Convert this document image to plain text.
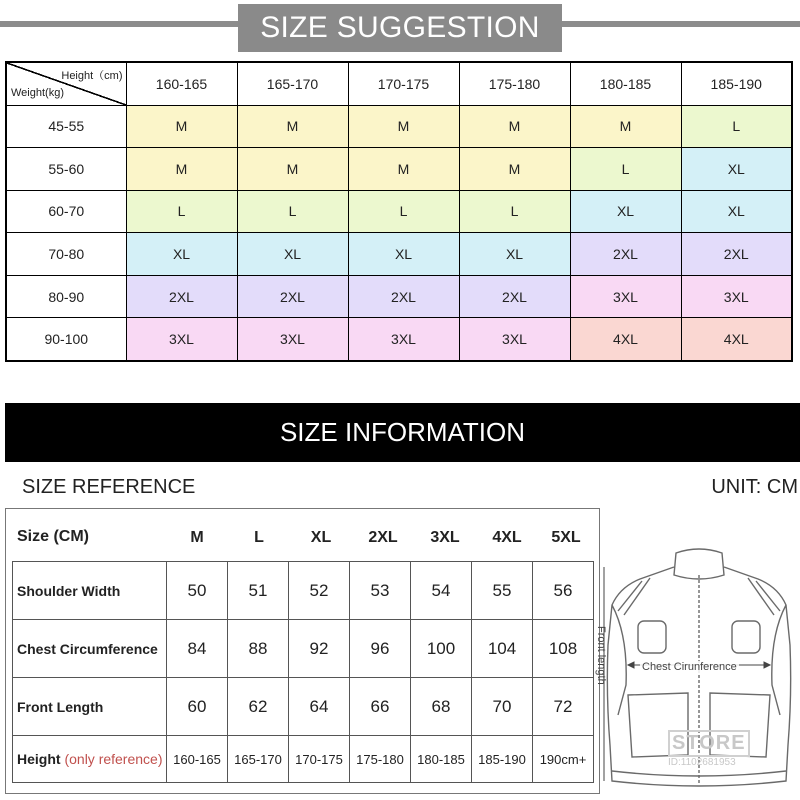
SIZE SUGGESTION
Height（cm)
Weight(kg)	160-165	165-170	170-175	175-180	180-185	185-190
45-55	M	M	M	M	M	L
55-60	M	M	M	M	L	XL
60-70	L	L	L	L	XL	XL
70-80	XL	XL	XL	XL	2XL	2XL
80-90	2XL	2XL	2XL	2XL	3XL	3XL
90-100	3XL	3XL	3XL	3XL	4XL	4XL
SIZE INFORMATION
SIZE REFERENCE	UNIT: CM
Size (CM)	M	L	XL	2XL	3XL	4XL	5XL
Shoulder Width	50	51	52	53	54	55	56
Chest Circumference	84	88	92	96	100	104	108
Front Length	60	62	64	66	68	70	72
Height (only reference)	160-165	165-170	170-175	175-180	180-185	185-190	190cm+
Front length	Chest Cirunference
STORE
ID:1102681953
